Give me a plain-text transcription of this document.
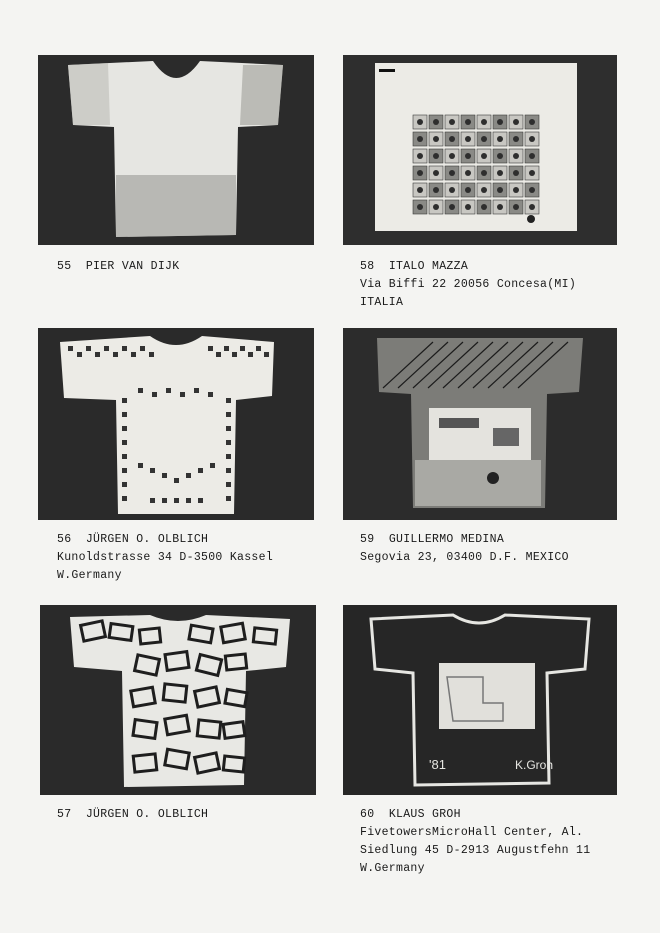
55 PIER VAN DIJK	58 ITALO MAZZA
Via Biffi 22 20056 Concesa(MI)
ITALIA
56 JÜRGEN O. OLBLICH
Kunoldstrasse 34 D-3500 Kassel
W.Germany
59 GUILLERMO MEDINA
Segovia 23, 03400 D.F. MEXICO
'81	K.Groh
57 JÜRGEN O. OLBLICH	60 KLAUS GROH
FivetowersMicroHall Center, Al.
Siedlung 45 D-2913 Augustfehn 11
W.Germany
